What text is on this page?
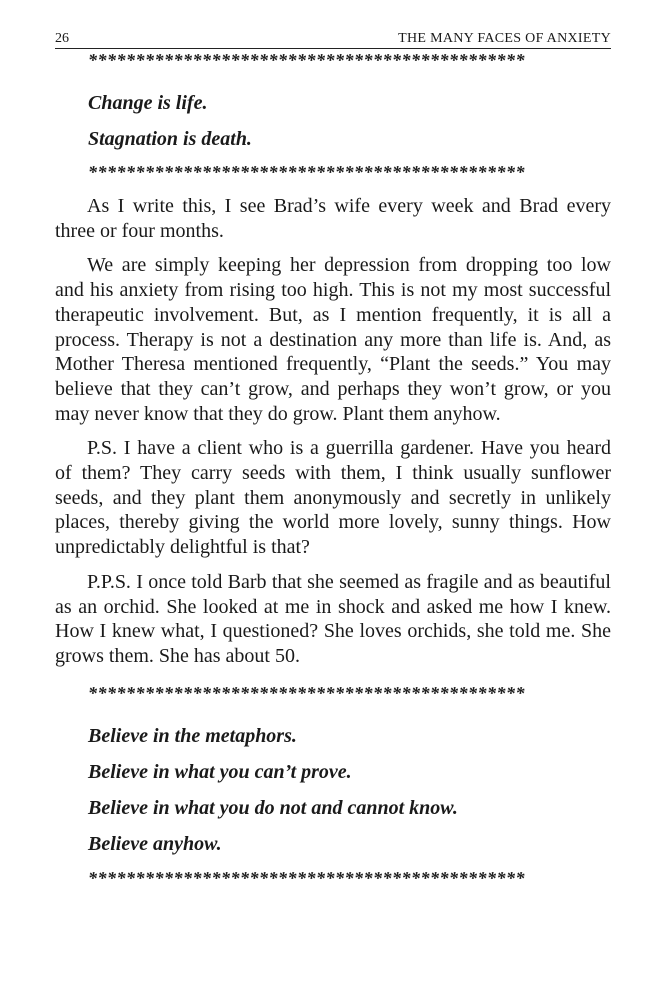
26	THE MANY FACES OF ANXIETY
**********************************************
Change is life.
Stagnation is death.
**********************************************

As I write this, I see Brad’s wife every week and Brad every three or four months.

We are simply keeping her depression from dropping too low and his anxiety from rising too high. This is not my most successful therapeutic involvement. But, as I mention frequently, it is all a process. Therapy is not a destination any more than life is. And, as Mother Theresa mentioned frequently, “Plant the seeds.” You may believe that they can’t grow, and perhaps they won’t grow, or you may never know that they do grow. Plant them anyhow.

P.S. I have a client who is a guerrilla gardener. Have you heard of them? They carry seeds with them, I think usually sunflower seeds, and they plant them anonymously and secretly in unlikely places, thereby giving the world more lovely, sunny things. How unpredictably delightful is that?

P.P.S. I once told Barb that she seemed as fragile and as beautiful as an orchid. She looked at me in shock and asked me how I knew. How I knew what, I questioned? She loves orchids, she told me. She grows them. She has about 50.

**********************************************
Believe in the metaphors.
Believe in what you can’t prove.
Believe in what you do not and cannot know.
Believe anyhow.
**********************************************
